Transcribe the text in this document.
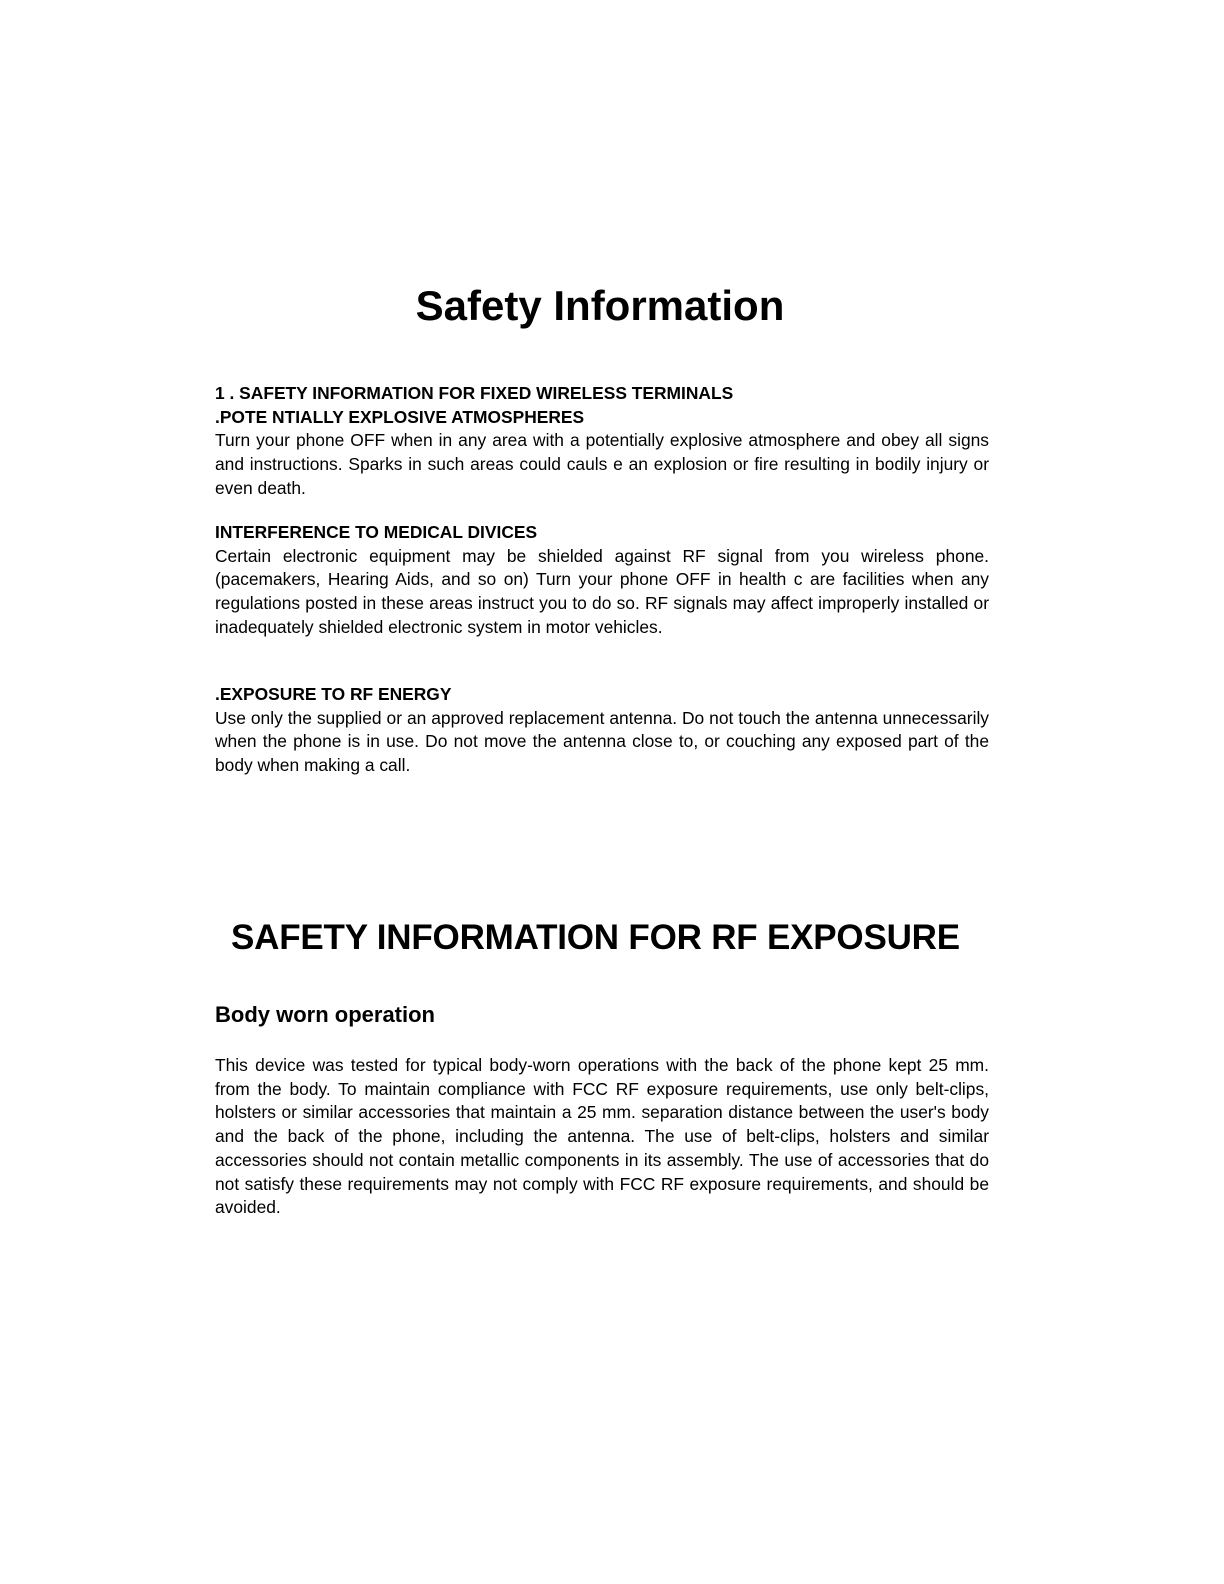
Safety Information

1 . SAFETY INFORMATION FOR FIXED WIRELESS TERMINALS

.POTE NTIALLY EXPLOSIVE ATMOSPHERES

Turn your phone OFF when in any area with a potentially explosive atmosphere and obey all signs and instructions. Sparks in such areas could cauls e an explosion or fire resulting in bodily injury or even death.

INTERFERENCE TO MEDICAL DIVICES

Certain electronic equipment may be shielded against RF signal from you wireless phone. (pacemakers, Hearing Aids, and so on) Turn your phone OFF in health c are facilities when any regulations posted in these areas instruct you to do so. RF signals may affect improperly installed or inadequately shielded electronic system in motor vehicles.

.EXPOSURE TO RF ENERGY

Use only the supplied or an approved replacement antenna. Do not touch the antenna unnecessarily when the phone is in use. Do not move the antenna close to, or couching any exposed part of the body when making a call.

SAFETY INFORMATION FOR RF EXPOSURE
Body worn operation

This device was tested for typical body-worn operations with the back of the phone kept 25 mm. from the body. To maintain compliance with FCC RF exposure requirements, use only belt-clips, holsters or similar accessories that maintain a 25 mm. separation distance between the user's body and the back of the phone, including the antenna. The use of belt-clips, holsters and similar accessories should not contain metallic components in its assembly. The use of accessories that do not satisfy these requirements may not comply with FCC RF exposure requirements, and should be avoided.
